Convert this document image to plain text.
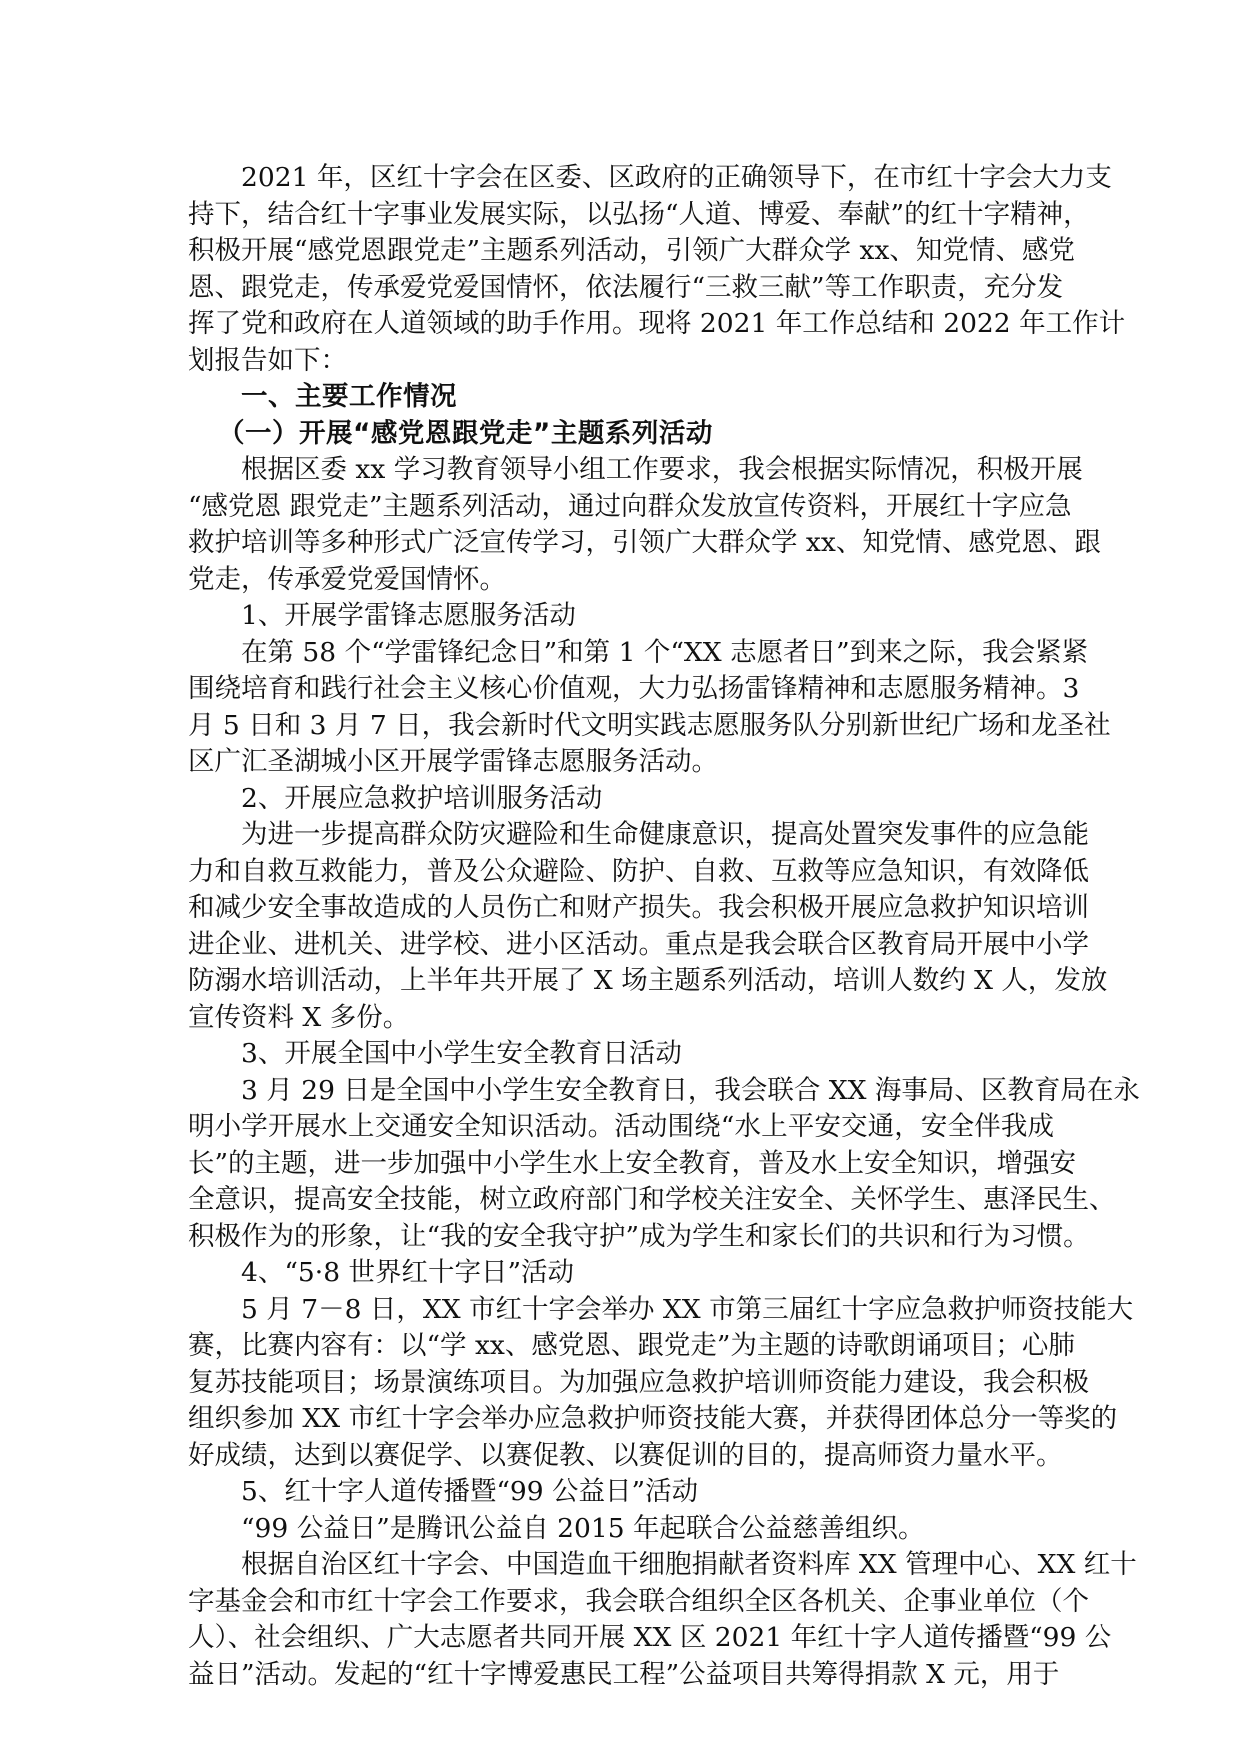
2021 年，区红十字会在区委、区政府的正确领导下，在市红十字会大力支
持下，结合红十字事业发展实际，以弘扬“人道、博爱、奉献”的红十字精神，
积极开展“感党恩跟党走”主题系列活动，引领广大群众学 xx、知党情、感党
恩、跟党走，传承爱党爱国情怀，依法履行“三救三献”等工作职责，充分发
挥了党和政府在人道领域的助手作用。现将 2021 年工作总结和 2022 年工作计
划报告如下：
一、主要工作情况
（一）开展“感党恩跟党走”主题系列活动
根据区委 xx 学习教育领导小组工作要求，我会根据实际情况，积极开展
“感党恩 跟党走”主题系列活动，通过向群众发放宣传资料，开展红十字应急
救护培训等多种形式广泛宣传学习，引领广大群众学 xx、知党情、感党恩、跟
党走，传承爱党爱国情怀。
1、开展学雷锋志愿服务活动
在第 58 个“学雷锋纪念日”和第 1 个“XX 志愿者日”到来之际，我会紧紧
围绕培育和践行社会主义核心价值观，大力弘扬雷锋精神和志愿服务精神。3
月 5 日和 3 月 7 日，我会新时代文明实践志愿服务队分别新世纪广场和龙圣社
区广汇圣湖城小区开展学雷锋志愿服务活动。
2、开展应急救护培训服务活动
为进一步提高群众防灾避险和生命健康意识，提高处置突发事件的应急能
力和自救互救能力，普及公众避险、防护、自救、互救等应急知识，有效降低
和减少安全事故造成的人员伤亡和财产损失。我会积极开展应急救护知识培训
进企业、进机关、进学校、进小区活动。重点是我会联合区教育局开展中小学
防溺水培训活动，上半年共开展了 X 场主题系列活动，培训人数约 X 人，发放
宣传资料 X 多份。
3、开展全国中小学生安全教育日活动
3 月 29 日是全国中小学生安全教育日，我会联合 XX 海事局、区教育局在永
明小学开展水上交通安全知识活动。活动围绕“水上平安交通，安全伴我成
长”的主题，进一步加强中小学生水上安全教育，普及水上安全知识，增强安
全意识，提高安全技能，树立政府部门和学校关注安全、关怀学生、惠泽民生、
积极作为的形象，让“我的安全我守护”成为学生和家长们的共识和行为习惯。
4、“5·8 世界红十字日”活动
5 月 7－8 日，XX 市红十字会举办 XX 市第三届红十字应急救护师资技能大
赛，比赛内容有：以“学 xx、感党恩、跟党走”为主题的诗歌朗诵项目；心肺
复苏技能项目；场景演练项目。为加强应急救护培训师资能力建设，我会积极
组织参加 XX 市红十字会举办应急救护师资技能大赛，并获得团体总分一等奖的
好成绩，达到以赛促学、以赛促教、以赛促训的目的，提高师资力量水平。
5、红十字人道传播暨“99 公益日”活动
“99 公益日”是腾讯公益自 2015 年起联合公益慈善组织。
根据自治区红十字会、中国造血干细胞捐献者资料库 XX 管理中心、XX 红十
字基金会和市红十字会工作要求，我会联合组织全区各机关、企事业单位（个
人）、社会组织、广大志愿者共同开展 XX 区 2021 年红十字人道传播暨“99 公
益日”活动。发起的“红十字博爱惠民工程”公益项目共筹得捐款 X 元，用于
